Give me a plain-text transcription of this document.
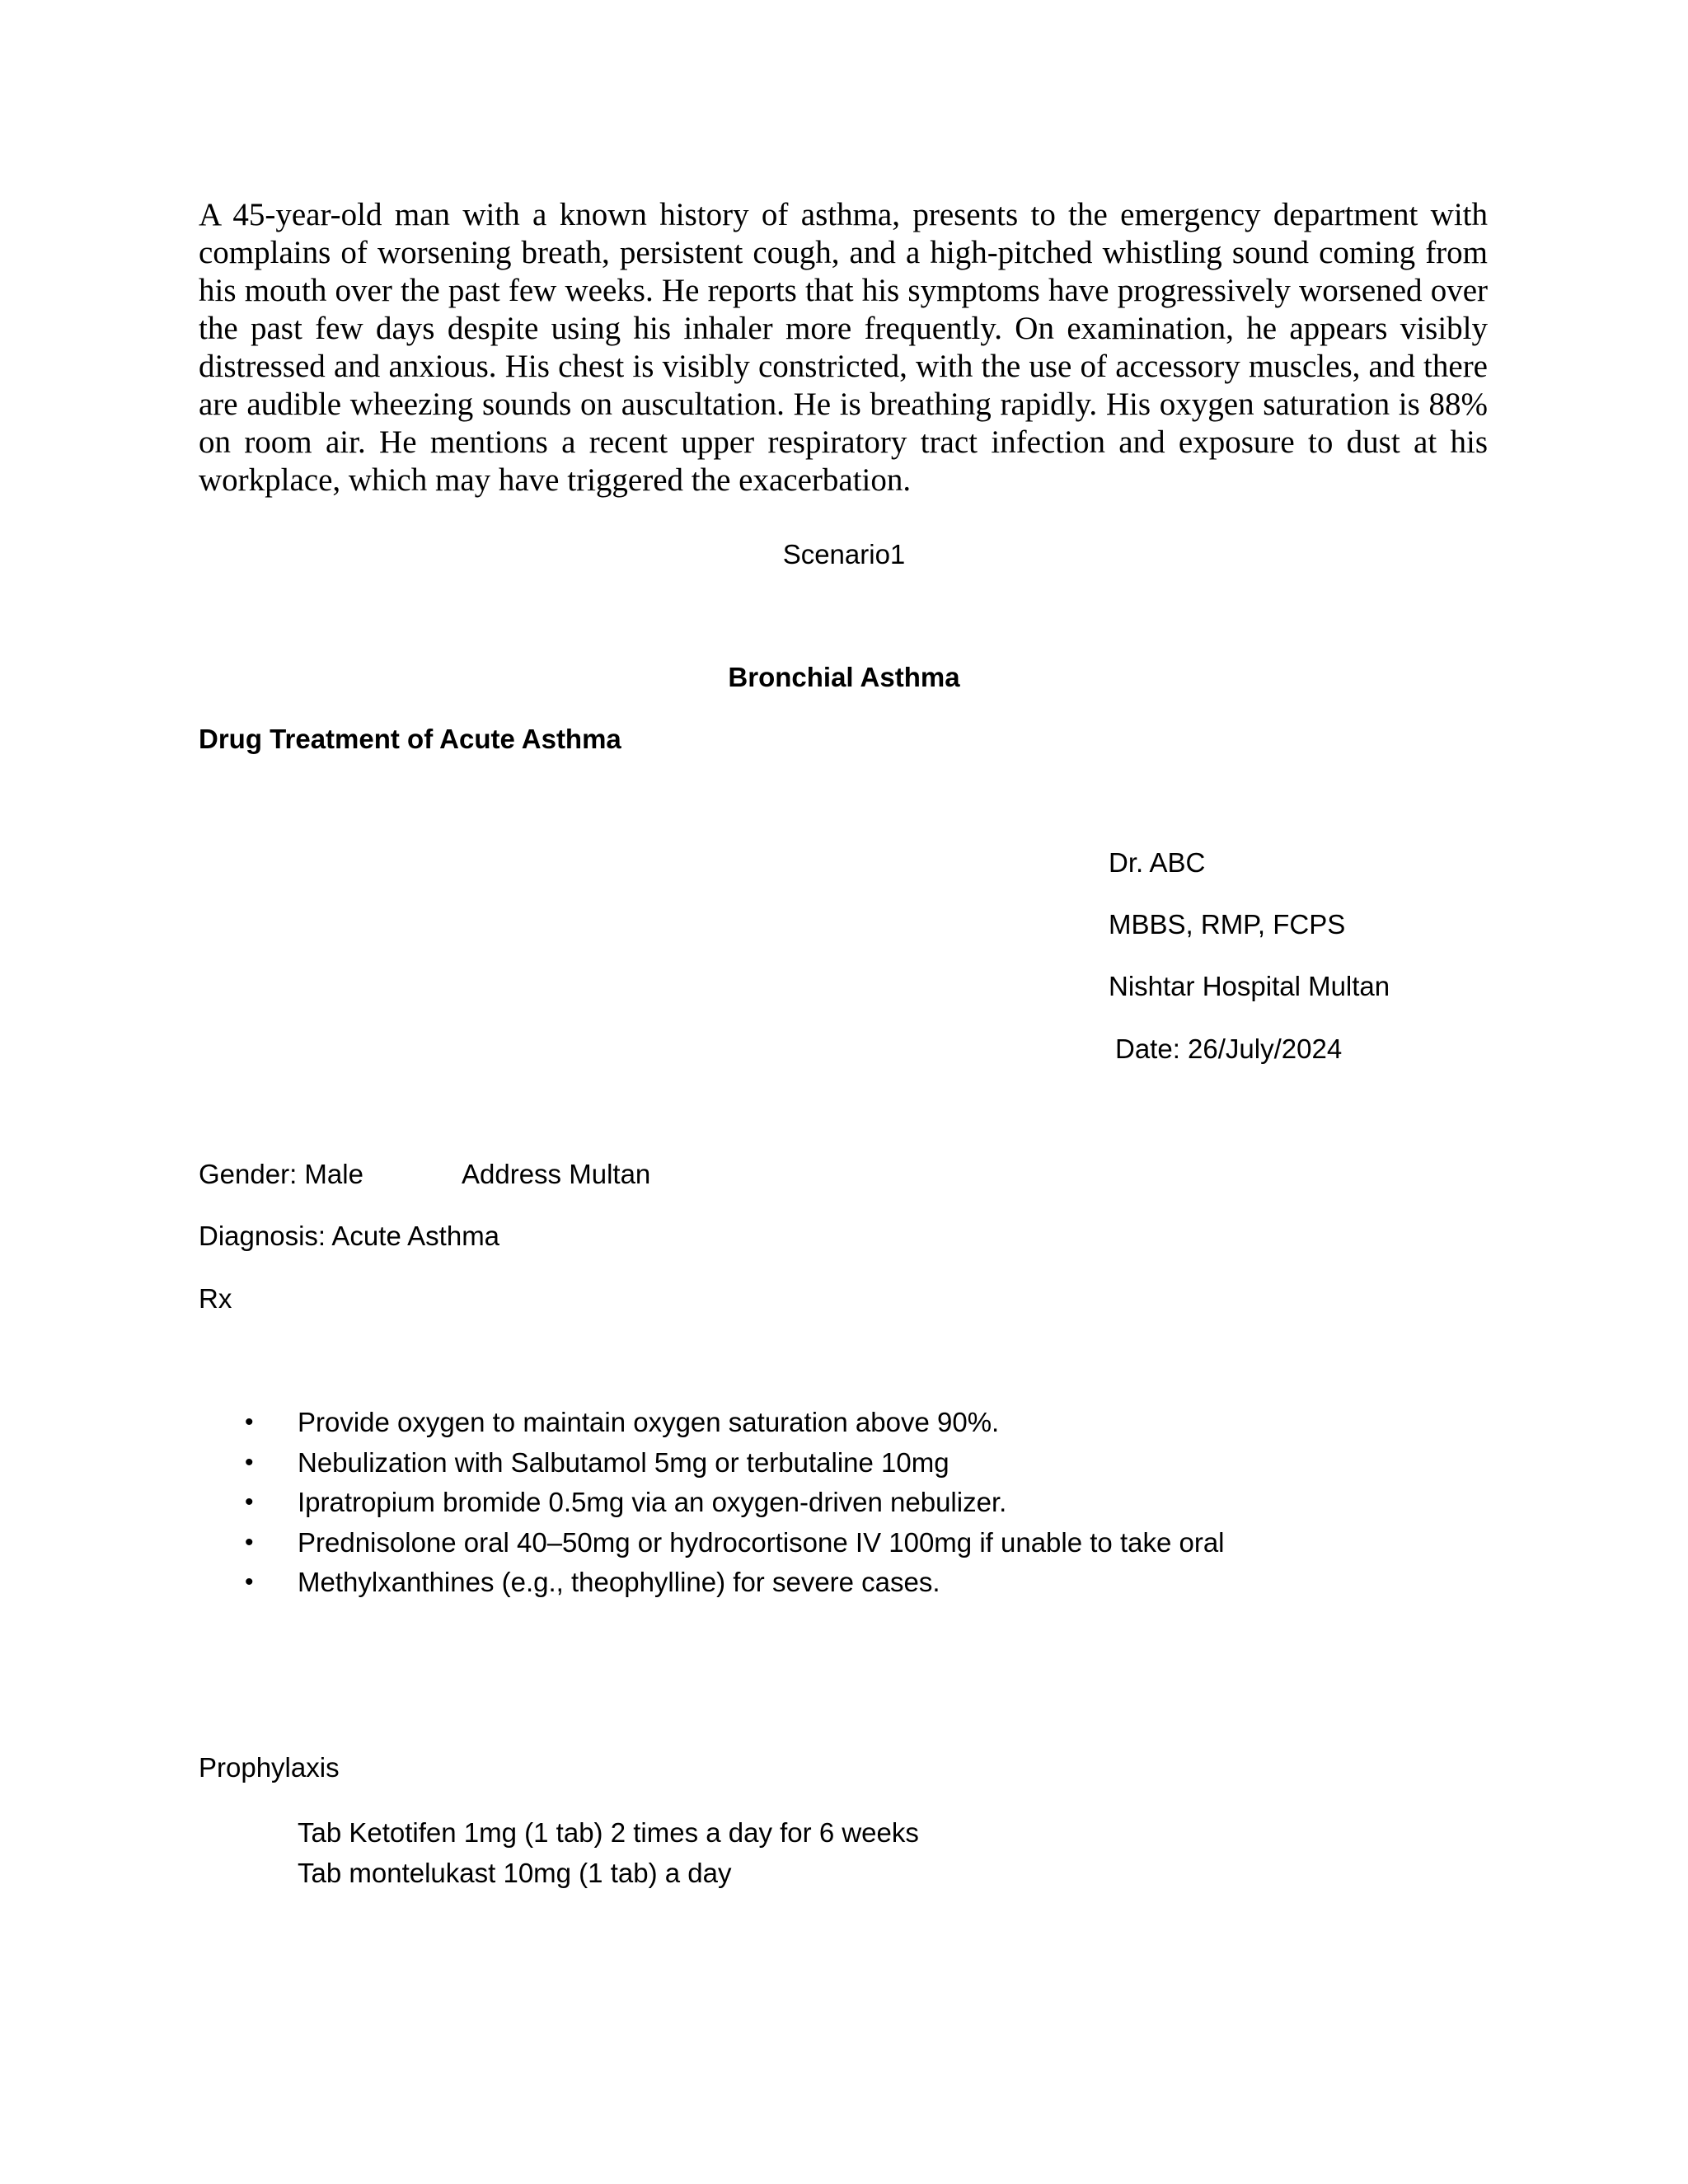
A 45-year-old man with a known history of asthma, presents to the emergency department with complains of worsening breath, persistent cough, and a high-pitched whistling sound coming from his mouth over the past few weeks. He reports that his symptoms have progressively worsened over the past few days despite using his inhaler more frequently. On examination, he appears visibly distressed and anxious. His chest is visibly constricted, with the use of accessory muscles, and there are audible wheezing sounds on auscultation. He is breathing rapidly. His oxygen saturation is 88% on room air. He mentions a recent upper respiratory tract infection and exposure to dust at his workplace, which may have triggered the exacerbation.

Scenario1
Bronchial Asthma
Drug Treatment of Acute Asthma
Dr. ABC
MBBS, RMP, FCPS
Nishtar Hospital Multan
Date: 26/July/2024
Gender: Male	Address Multan
Diagnosis: Acute Asthma
Rx
• Provide oxygen to maintain oxygen saturation above 90%.
• Nebulization with Salbutamol 5mg or terbutaline 10mg
• Ipratropium bromide 0.5mg via an oxygen-driven nebulizer.
• Prednisolone oral 40–50mg or hydrocortisone IV 100mg if unable to take oral
• Methylxanthines (e.g., theophylline) for severe cases.
Prophylaxis
Tab Ketotifen 1mg (1 tab) 2 times a day for 6 weeks
Tab montelukast 10mg (1 tab) a day
